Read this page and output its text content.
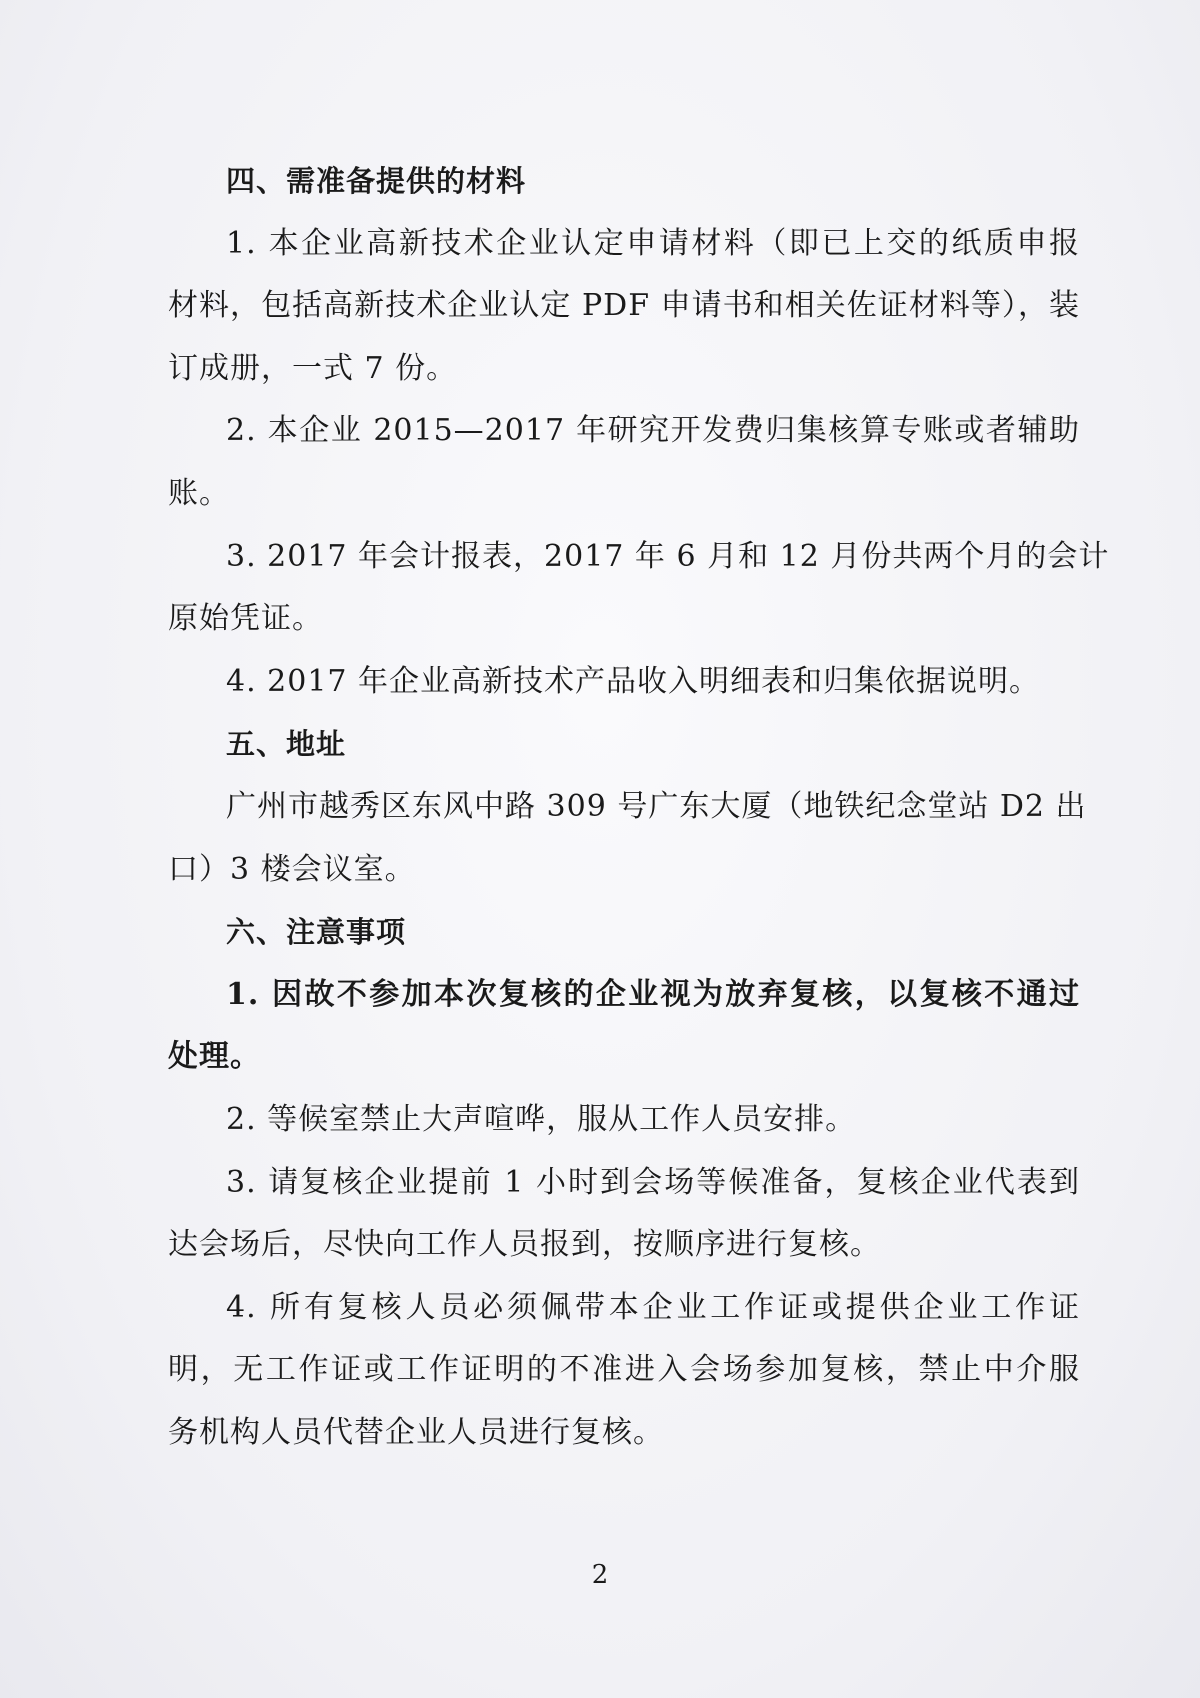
四、需准备提供的材料
1. 本企业高新技术企业认定申请材料（即已上交的纸质申报
材料，包括高新技术企业认定 PDF 申请书和相关佐证材料等），装
订成册，一式 7 份。
2. 本企业 2015—2017 年研究开发费归集核算专账或者辅助
账。
3. 2017 年会计报表，2017 年 6 月和 12 月份共两个月的会计
原始凭证。
4. 2017 年企业高新技术产品收入明细表和归集依据说明。
五、地址
广州市越秀区东风中路 309 号广东大厦（地铁纪念堂站 D2 出
口）3 楼会议室。
六、注意事项
1. 因故不参加本次复核的企业视为放弃复核，以复核不通过
处理。
2. 等候室禁止大声喧哗，服从工作人员安排。
3. 请复核企业提前 1 小时到会场等候准备，复核企业代表到
达会场后，尽快向工作人员报到，按顺序进行复核。
4. 所有复核人员必须佩带本企业工作证或提供企业工作证
明，无工作证或工作证明的不准进入会场参加复核，禁止中介服
务机构人员代替企业人员进行复核。
2
